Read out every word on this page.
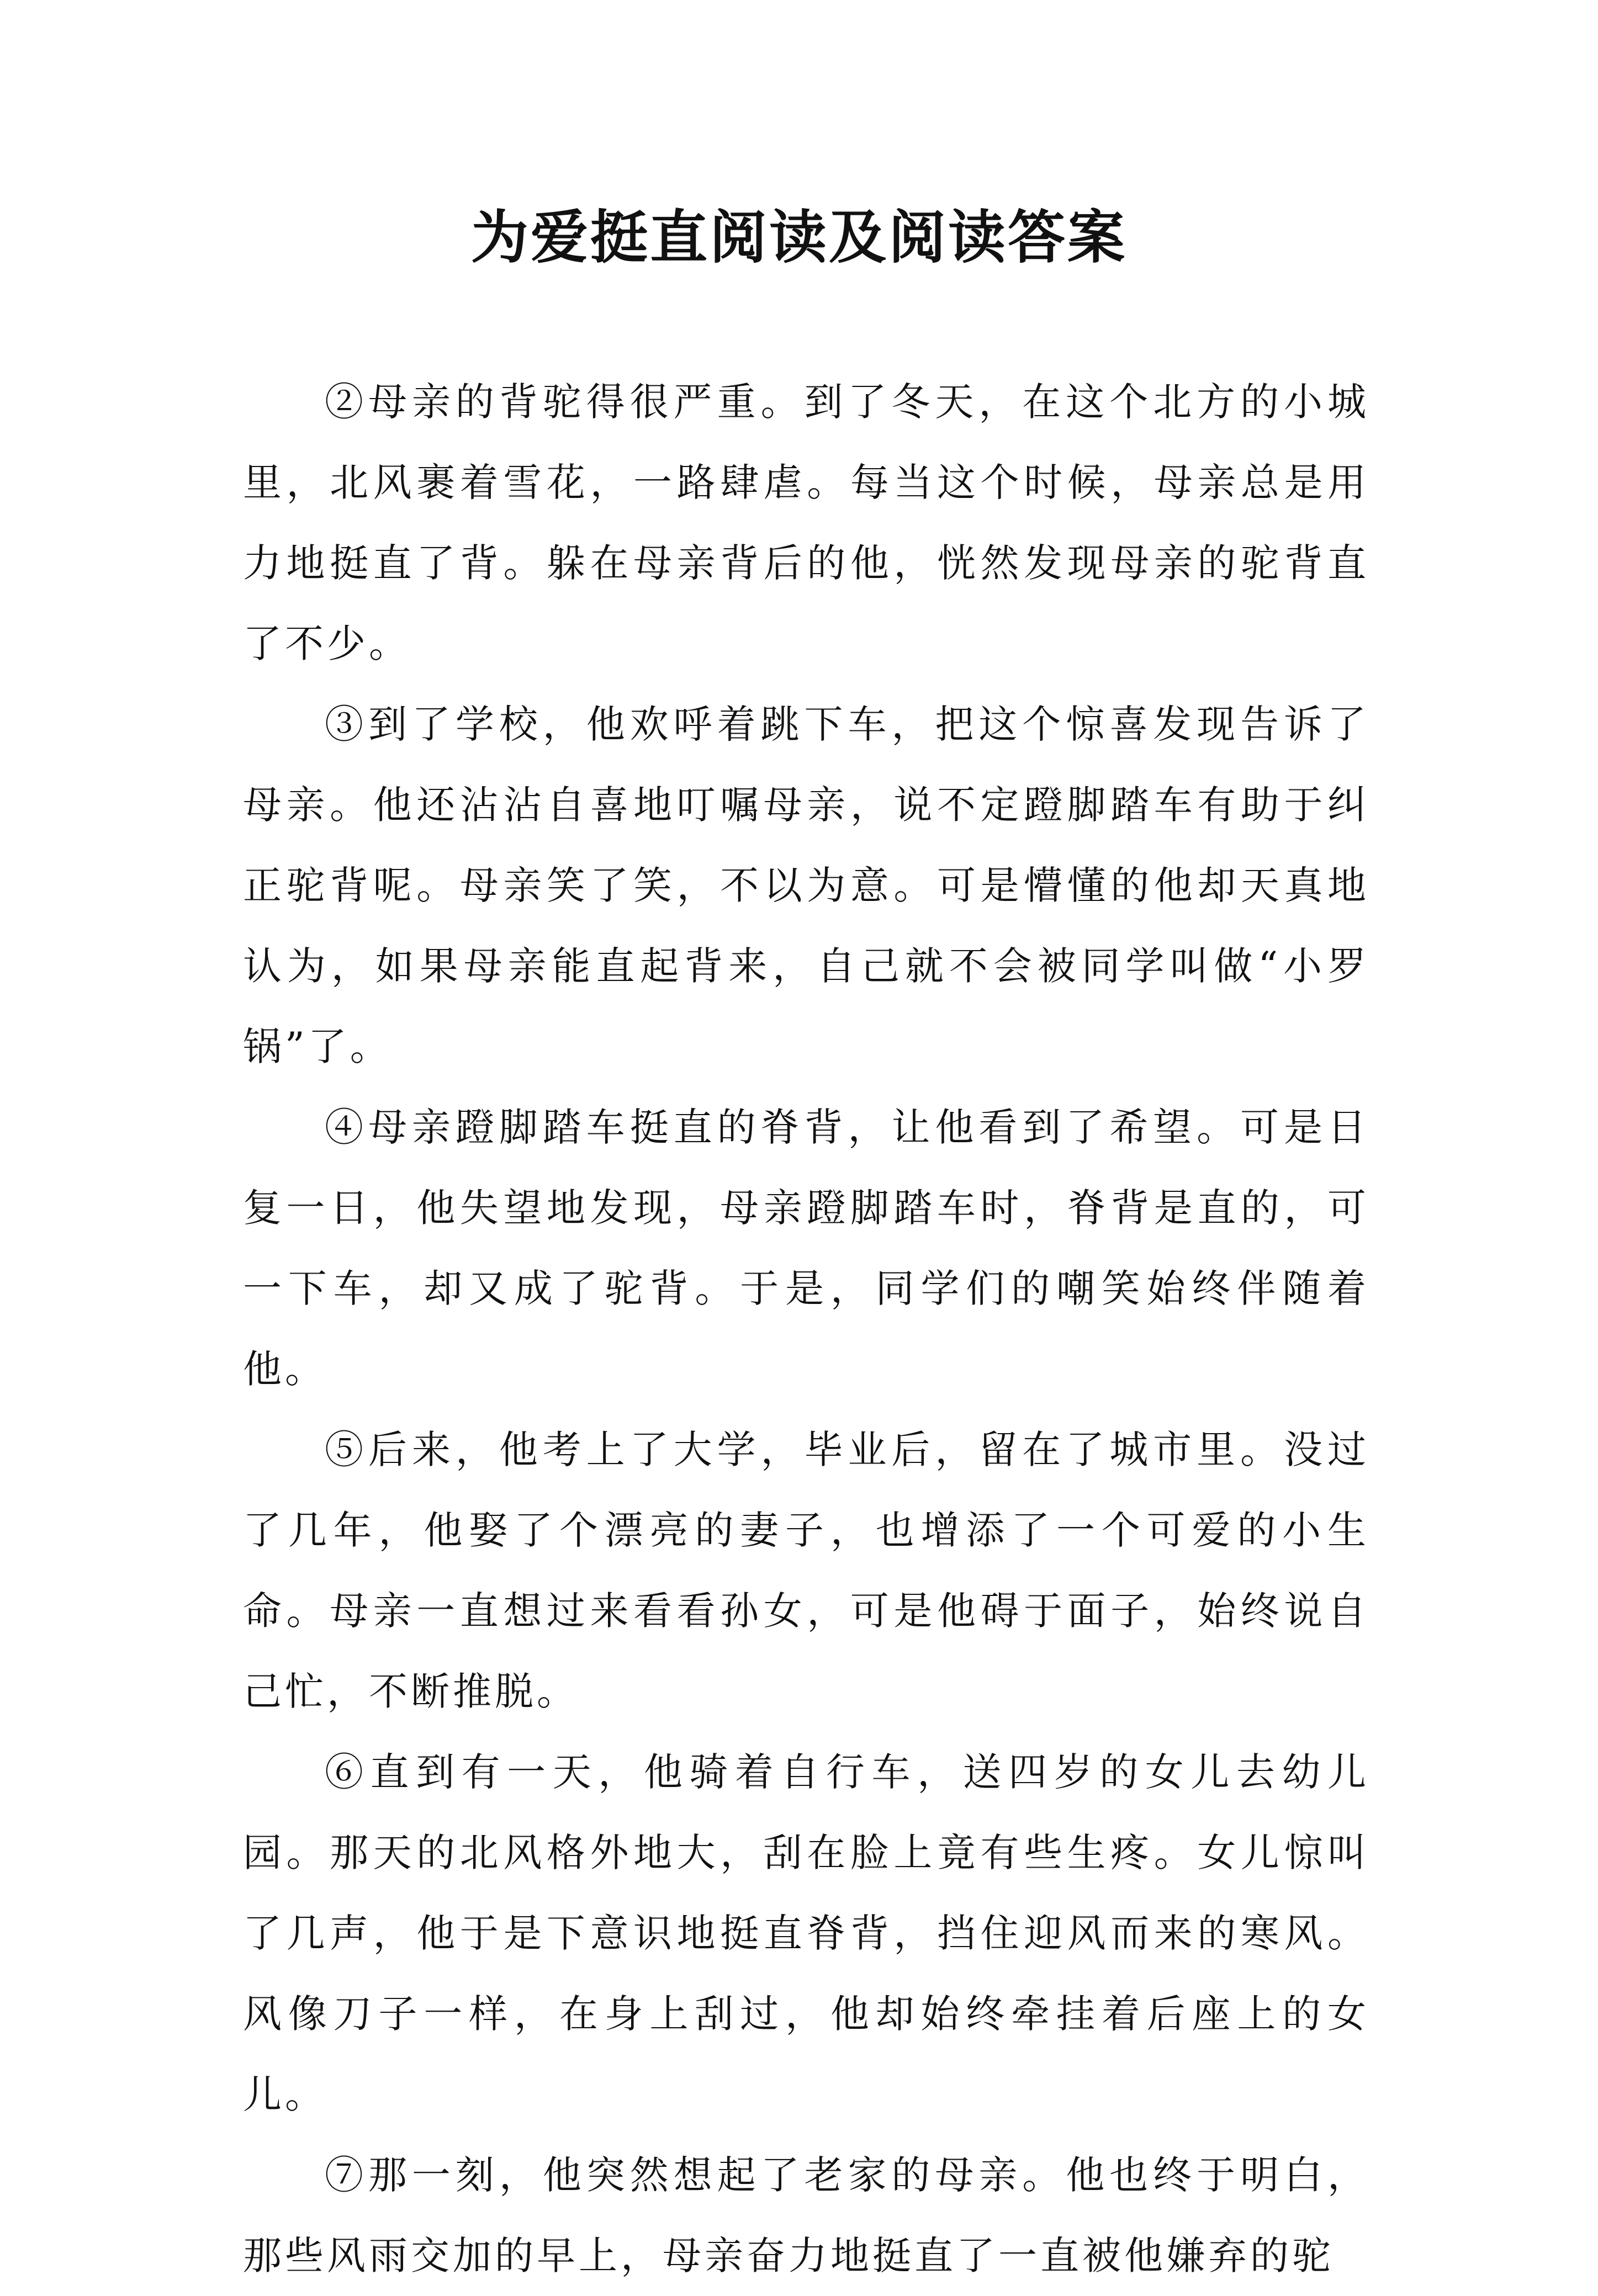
为爱挺直阅读及阅读答案

②母亲的背驼得很严重。到了冬天，在这个北方的小城里，北风裹着雪花，一路肆虐。每当这个时候，母亲总是用力地挺直了背。躲在母亲背后的他，恍然发现母亲的驼背直了不少。

③到了学校，他欢呼着跳下车，把这个惊喜发现告诉了母亲。他还沾沾自喜地叮嘱母亲，说不定蹬脚踏车有助于纠正驼背呢。母亲笑了笑，不以为意。可是懵懂的他却天真地认为，如果母亲能直起背来，自己就不会被同学叫做“小罗锅”了。

④母亲蹬脚踏车挺直的脊背，让他看到了希望。可是日复一日，他失望地发现，母亲蹬脚踏车时，脊背是直的，可一下车，却又成了驼背。于是，同学们的嘲笑始终伴随着他。

⑤后来，他考上了大学，毕业后，留在了城市里。没过了几年，他娶了个漂亮的妻子，也增添了一个可爱的小生命。母亲一直想过来看看孙女，可是他碍于面子，始终说自己忙，不断推脱。

⑥直到有一天，他骑着自行车，送四岁的女儿去幼儿园。那天的北风格外地大，刮在脸上竟有些生疼。女儿惊叫了几声，他于是下意识地挺直脊背，挡住迎风而来的寒风。风像刀子一样，在身上刮过，他却始终牵挂着后座上的女儿。

⑦那一刻，他突然想起了老家的母亲。他也终于明白，那些风雨交加的早上，母亲奋力地挺直了一直被他嫌弃的驼
